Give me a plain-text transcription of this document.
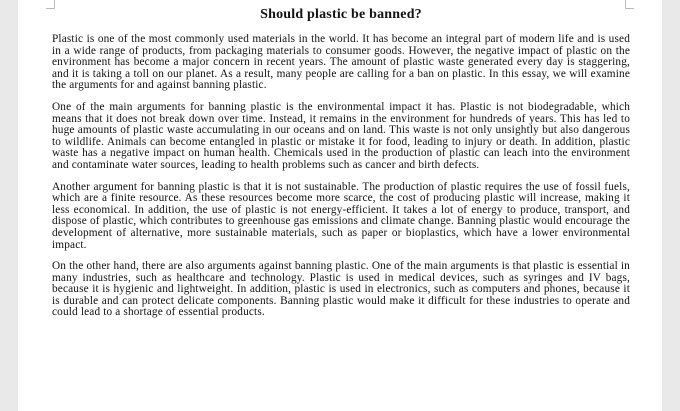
Should plastic be banned?

Plastic is one of the most commonly used materials in the world. It has become an integral part of modern life and is used in a wide range of products, from packaging materials to consumer goods. However, the negative impact of plastic on the environment has become a major concern in recent years. The amount of plastic waste generated every day is staggering, and it is taking a toll on our planet. As a result, many people are calling for a ban on plastic. In this essay, we will examine the arguments for and against banning plastic.

One of the main arguments for banning plastic is the environmental impact it has. Plastic is not biodegradable, which means that it does not break down over time. Instead, it remains in the environment for hundreds of years. This has led to huge amounts of plastic waste accumulating in our oceans and on land. This waste is not only unsightly but also dangerous to wildlife. Animals can become entangled in plastic or mistake it for food, leading to injury or death. In addition, plastic waste has a negative impact on human health. Chemicals used in the production of plastic can leach into the environment and contaminate water sources, leading to health problems such as cancer and birth defects.

Another argument for banning plastic is that it is not sustainable. The production of plastic requires the use of fossil fuels, which are a finite resource. As these resources become more scarce, the cost of producing plastic will increase, making it less economical. In addition, the use of plastic is not energy-efficient. It takes a lot of energy to produce, transport, and dispose of plastic, which contributes to greenhouse gas emissions and climate change. Banning plastic would encourage the development of alternative, more sustainable materials, such as paper or bioplastics, which have a lower environmental impact.

On the other hand, there are also arguments against banning plastic. One of the main arguments is that plastic is essential in many industries, such as healthcare and technology. Plastic is used in medical devices, such as syringes and IV bags, because it is hygienic and lightweight. In addition, plastic is used in electronics, such as computers and phones, because it is durable and can protect delicate components. Banning plastic would make it difficult for these industries to operate and could lead to a shortage of essential products.
